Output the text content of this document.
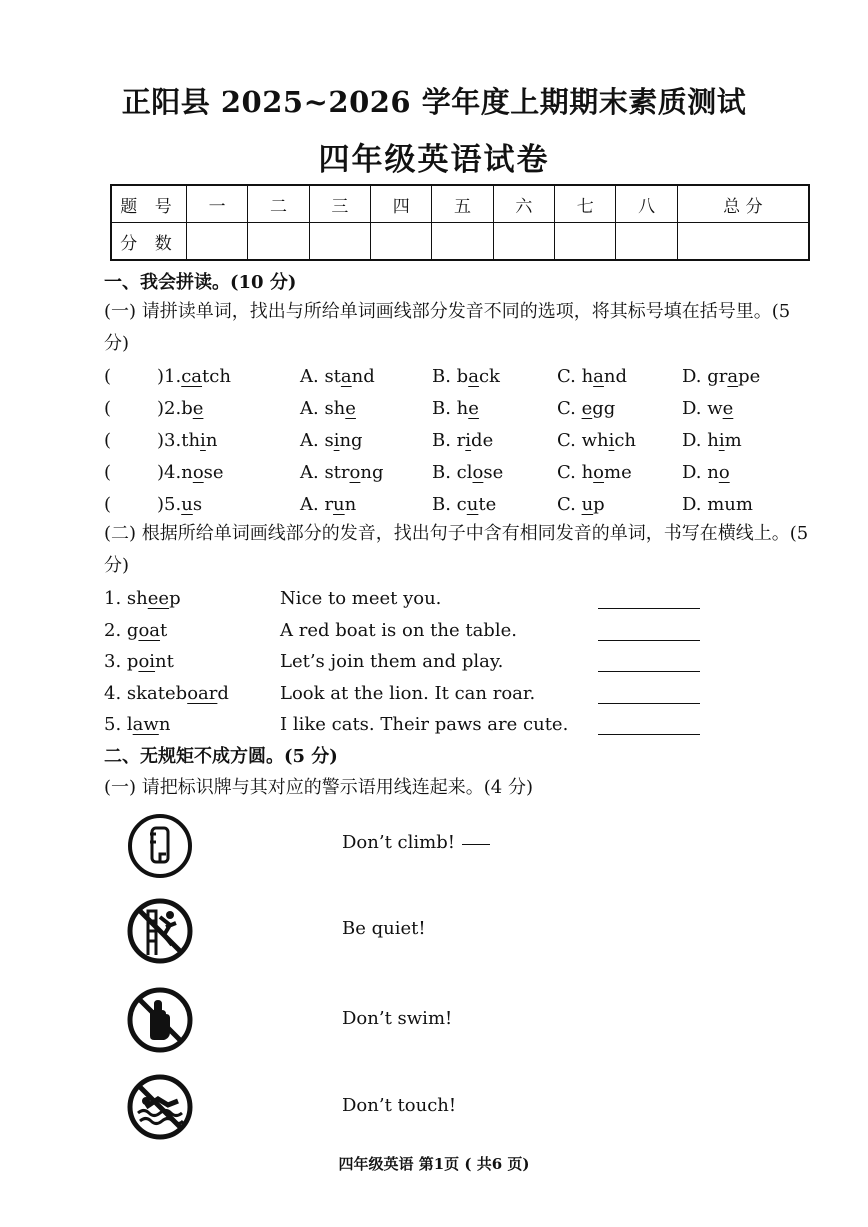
正阳县 2025~2026 学年度上期期末素质测试
四年级英语试卷
题 号	一	二	三	四	五	六	七	八	总 分
分 数									
一、我会拼读。(10 分)
(一) 请拼读单词，找出与所给单词画线部分发音不同的选项，将其标号填在括号里。(5 分)
(	)1.catch	A. stand	B. back	C. hand	D. grape
(	)2.be	A. she	B. he	C. egg	D. we
(	)3.thin	A. sing	B. ride	C. which	D. him
(	)4.nose	A. strong	B. close	C. home	D. no
(	)5.us	A. run	B. cute	C. up	D. mum
(二) 根据所给单词画线部分的发音，找出句子中含有相同发音的单词，书写在横线上。(5 分)
1. sheep	Nice to meet you.
2. goat	A red boat is on the table.
3. point	Let’s join them and play.
4. skateboard	Look at the lion. It can roar.
5. lawn	I like cats. Their paws are cute.
二、无规矩不成方圆。(5 分)
(一) 请把标识牌与其对应的警示语用线连起来。(4 分)
Don’t climb!
Be quiet!
Don’t swim!
Don’t touch!
四年级英语 第1页 ( 共6 页)
